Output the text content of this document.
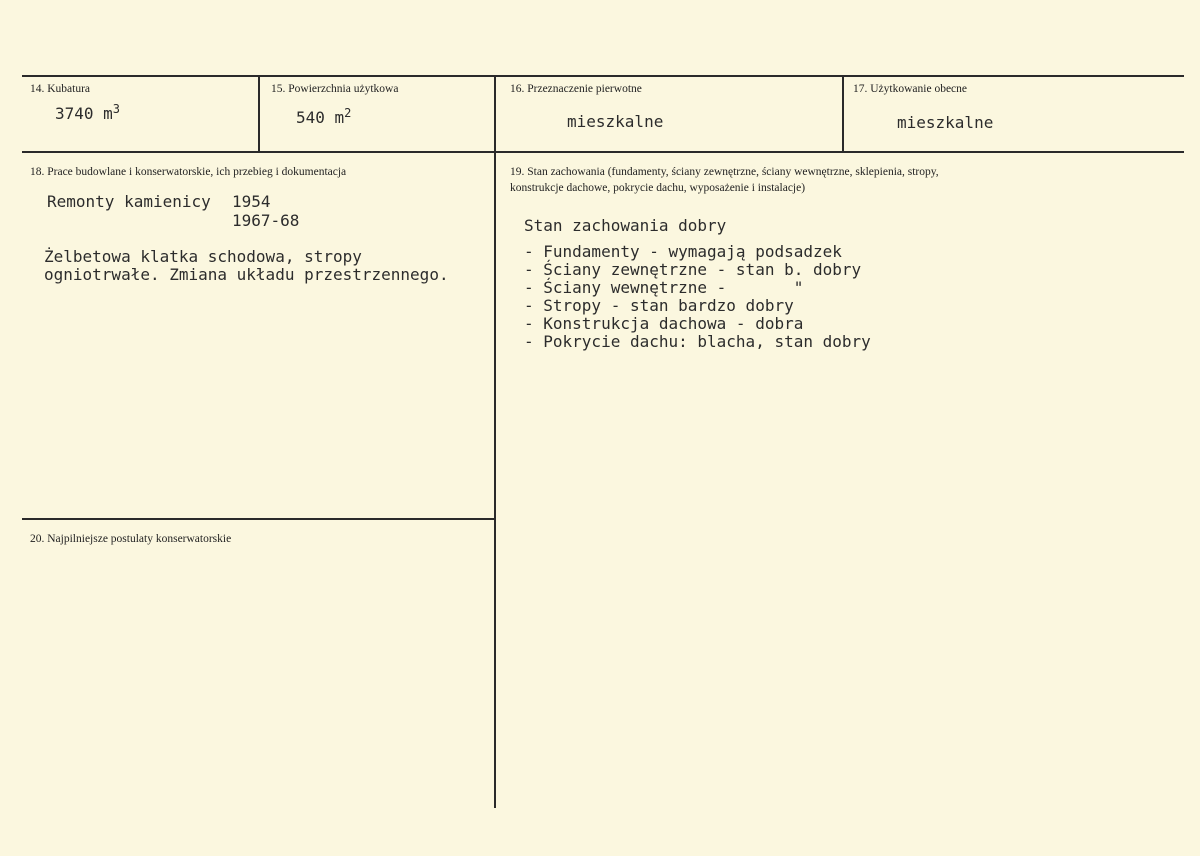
14. Kubatura
3740 $m^3$
15. Powierzchnia użytkowa
540 $m^2$
16. Przeznaczenie pierwotne
mieszkalne
17. Użytkowanie obecne
mieszkalne
18. Prace budowlane i konserwatorskie, ich przebieg i dokumentacja
Remonty kamienicy 1954
1967-68
Żelbetowa klatka schodowa, stropy
ogniotrwałe. Zmiana układu przestrzennego.
19. Stan zachowania (fundamenty, ściany zewnętrzne, ściany wewnętrzne, sklepienia, stropy,
konstrukcje dachowe, pokrycie dachu, wyposażenie i instalacje)
Stan zachowania dobry
- Fundamenty - wymagają podsadzek
- Ściany zewnętrzne - stan b. dobry
- Ściany wewnętrzne -       "
- Stropy - stan bardzo dobry
- Konstrukcja dachowa - dobra
- Pokrycie dachu: blacha, stan dobry
20. Najpilniejsze postulaty konserwatorskie
